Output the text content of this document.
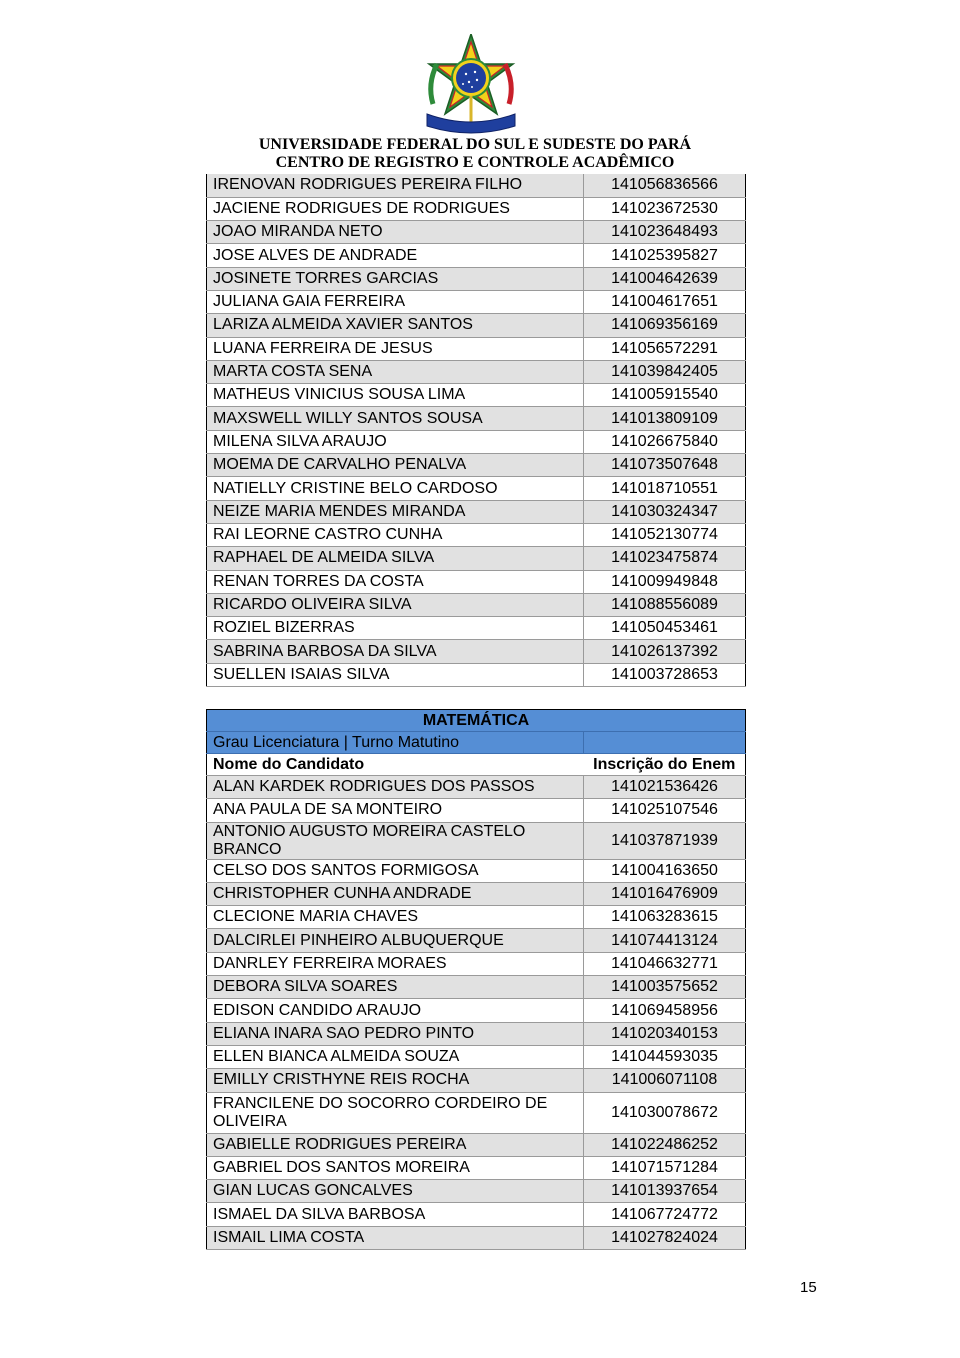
UNIVERSIDADE FEDERAL DO SUL E SUDESTE DO PARÁ
CENTRO DE REGISTRO E CONTROLE ACADÊMICO
IRENOVAN RODRIGUES PEREIRA FILHO	141056836566
JACIENE RODRIGUES DE RODRIGUES	141023672530
JOAO MIRANDA NETO	141023648493
JOSE ALVES DE ANDRADE	141025395827
JOSINETE TORRES GARCIAS	141004642639
JULIANA GAIA FERREIRA	141004617651
LARIZA ALMEIDA XAVIER SANTOS	141069356169
LUANA FERREIRA DE JESUS	141056572291
MARTA COSTA SENA	141039842405
MATHEUS VINICIUS SOUSA LIMA	141005915540
MAXSWELL WILLY SANTOS SOUSA	141013809109
MILENA SILVA ARAUJO	141026675840
MOEMA DE CARVALHO PENALVA	141073507648
NATIELLY CRISTINE BELO CARDOSO	141018710551
NEIZE MARIA MENDES MIRANDA	141030324347
RAI LEORNE CASTRO CUNHA	141052130774
RAPHAEL DE ALMEIDA SILVA	141023475874
RENAN TORRES DA COSTA	141009949848
RICARDO OLIVEIRA SILVA	141088556089
ROZIEL BIZERRAS	141050453461
SABRINA BARBOSA DA SILVA	141026137392
SUELLEN ISAIAS SILVA	141003728653
MATEMÁTICA	
Grau Licenciatura | Turno Matutino	
Nome do Candidato	Inscrição do Enem
ALAN KARDEK RODRIGUES DOS PASSOS	141021536426
ANA PAULA DE SA MONTEIRO	141025107546
ANTONIO AUGUSTO MOREIRA CASTELO BRANCO	141037871939
CELSO DOS SANTOS FORMIGOSA	141004163650
CHRISTOPHER CUNHA ANDRADE	141016476909
CLECIONE MARIA CHAVES	141063283615
DALCIRLEI PINHEIRO ALBUQUERQUE	141074413124
DANRLEY FERREIRA MORAES	141046632771
DEBORA SILVA SOARES	141003575652
EDISON CANDIDO ARAUJO	141069458956
ELIANA INARA SAO PEDRO PINTO	141020340153
ELLEN BIANCA ALMEIDA SOUZA	141044593035
EMILLY CRISTHYNE REIS ROCHA	141006071108
FRANCILENE DO SOCORRO CORDEIRO DE OLIVEIRA	141030078672
GABIELLE RODRIGUES PEREIRA	141022486252
GABRIEL DOS SANTOS MOREIRA	141071571284
GIAN LUCAS GONCALVES	141013937654
ISMAEL DA SILVA BARBOSA	141067724772
ISMAIL LIMA COSTA	141027824024
15
